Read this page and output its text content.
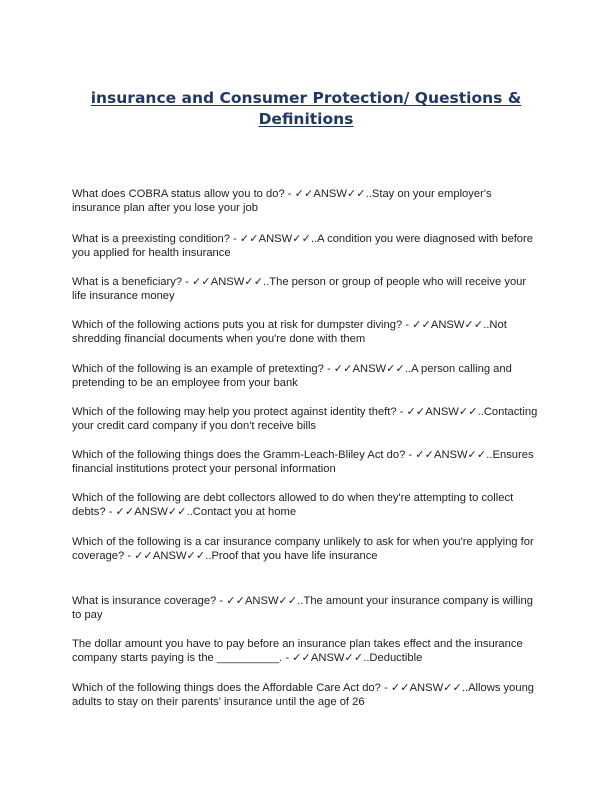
insurance and Consumer Protection/ Questions & Definitions

What does COBRA status allow you to do? - ✓✓ANSW✓✓..Stay on your employer's insurance plan after you lose your job

What is a preexisting condition? - ✓✓ANSW✓✓..A condition you were diagnosed with before you applied for health insurance

What is a beneficiary? - ✓✓ANSW✓✓..The person or group of people who will receive your life insurance money

Which of the following actions puts you at risk for dumpster diving? - ✓✓ANSW✓✓..Not shredding financial documents when you're done with them

Which of the following is an example of pretexting? - ✓✓ANSW✓✓..A person calling and pretending to be an employee from your bank

Which of the following may help you protect against identity theft? - ✓✓ANSW✓✓..Contacting your credit card company if you don't receive bills

Which of the following things does the Gramm-Leach-Bliley Act do? - ✓✓ANSW✓✓..Ensures financial institutions protect your personal information

Which of the following are debt collectors allowed to do when they're attempting to collect debts? - ✓✓ANSW✓✓..Contact you at home

Which of the following is a car insurance company unlikely to ask for when you're applying for coverage? - ✓✓ANSW✓✓..Proof that you have life insurance

What is insurance coverage? - ✓✓ANSW✓✓..The amount your insurance company is willing to pay

The dollar amount you have to pay before an insurance plan takes effect and the insurance company starts paying is the __________. - ✓✓ANSW✓✓..Deductible

Which of the following things does the Affordable Care Act do? - ✓✓ANSW✓✓..Allows young adults to stay on their parents' insurance until the age of 26
